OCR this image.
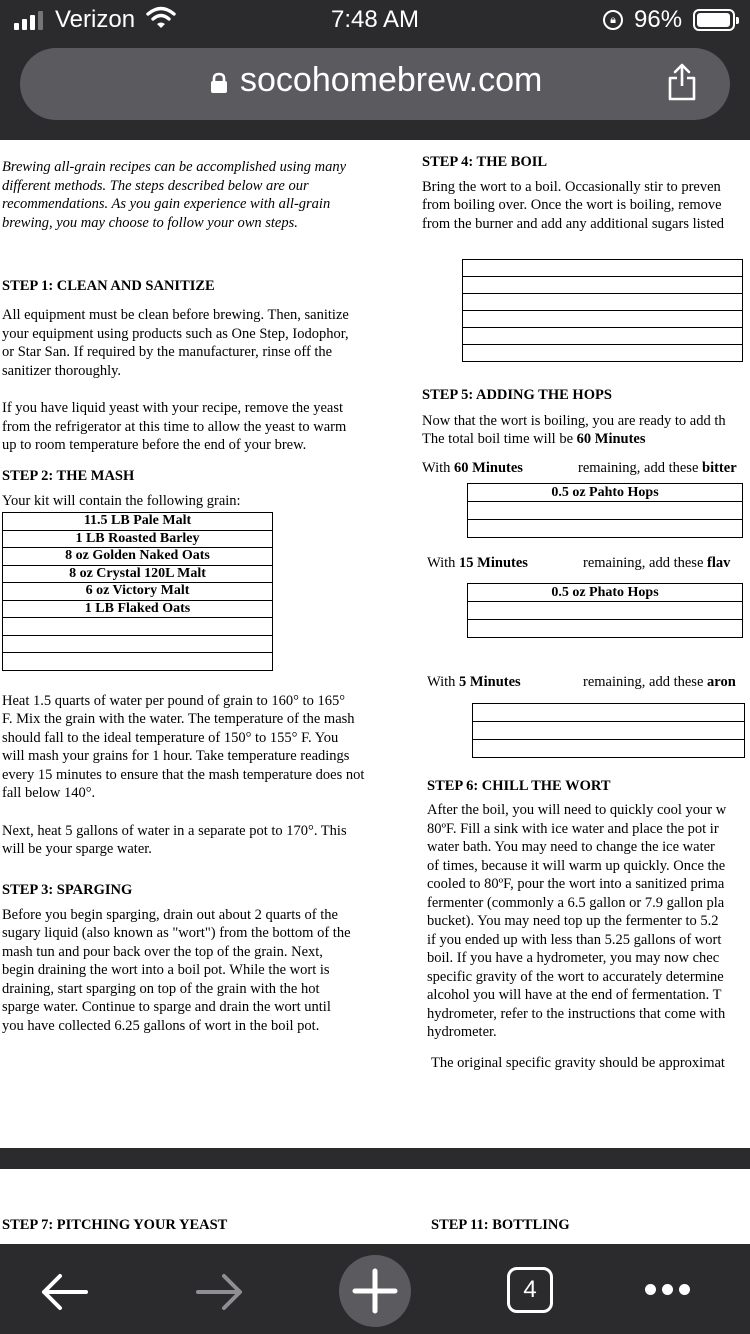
Verizon	7:48 AM	🔒︎ 96%
socohomebrew.com
Brewing all-grain recipes can be accomplished using many
different methods. The steps described below are our
recommendations. As you gain experience with all-grain
brewing, you may choose to follow your own steps.
STEP 1: CLEAN AND SANITIZE
All equipment must be clean before brewing. Then, sanitize
your equipment using products such as One Step, Iodophor,
or Star San. If required by the manufacturer, rinse off the
sanitizer thoroughly.
If you have liquid yeast with your recipe, remove the yeast
from the refrigerator at this time to allow the yeast to warm
up to room temperature before the end of your brew.
STEP 2: THE MASH
Your kit will contain the following grain:
11.5 LB Pale Malt
1 LB Roasted Barley
8 oz Golden Naked Oats
8 oz Crystal 120L Malt
6 oz Victory Malt
1 LB Flaked Oats

Heat 1.5 quarts of water per pound of grain to 160° to 165°
F. Mix the grain with the water. The temperature of the mash
should fall to the ideal temperature of 150° to 155° F. You
will mash your grains for 1 hour. Take temperature readings
every 15 minutes to ensure that the mash temperature does not
fall below 140°.
Next, heat 5 gallons of water in a separate pot to 170°. This
will be your sparge water.
STEP 3: SPARGING
Before you begin sparging, drain out about 2 quarts of the
sugary liquid (also known as "wort") from the bottom of the
mash tun and pour back over the top of the grain. Next,
begin draining the wort into a boil pot. While the wort is
draining, start sparging on top of the grain with the hot
sparge water. Continue to sparge and drain the wort until
you have collected 6.25 gallons of wort in the boil pot.
STEP 4: THE BOIL
Bring the wort to a boil. Occasionally stir to preven
from boiling over. Once the wort is boiling, remove
from the burner and add any additional sugars listed

STEP 5: ADDING THE HOPS
Now that the wort is boiling, you are ready to add th
The total boil time will be 60 Minutes
With 60 Minutes	remaining, add these bitter
0.5 oz Pahto Hops

With 15 Minutes	remaining, add these flav
0.5 oz Phato Hops

With 5 Minutes	remaining, add these aron

STEP 6: CHILL THE WORT
After the boil, you will need to quickly cool your w
80ºF. Fill a sink with ice water and place the pot ir
water bath. You may need to change the ice water
of times, because it will warm up quickly. Once the
cooled to 80ºF, pour the wort into a sanitized prima
fermenter (commonly a 6.5 gallon or 7.9 gallon pla
bucket). You may need top up the fermenter to 5.2
if you ended up with less than 5.25 gallons of wort
boil. If you have a hydrometer, you may now chec
specific gravity of the wort to accurately determine
alcohol you will have at the end of fermentation. T
hydrometer, refer to the instructions that come with
hydrometer.
The original specific gravity should be approximat
STEP 7: PITCHING YOUR YEAST	STEP 11: BOTTLING
4
